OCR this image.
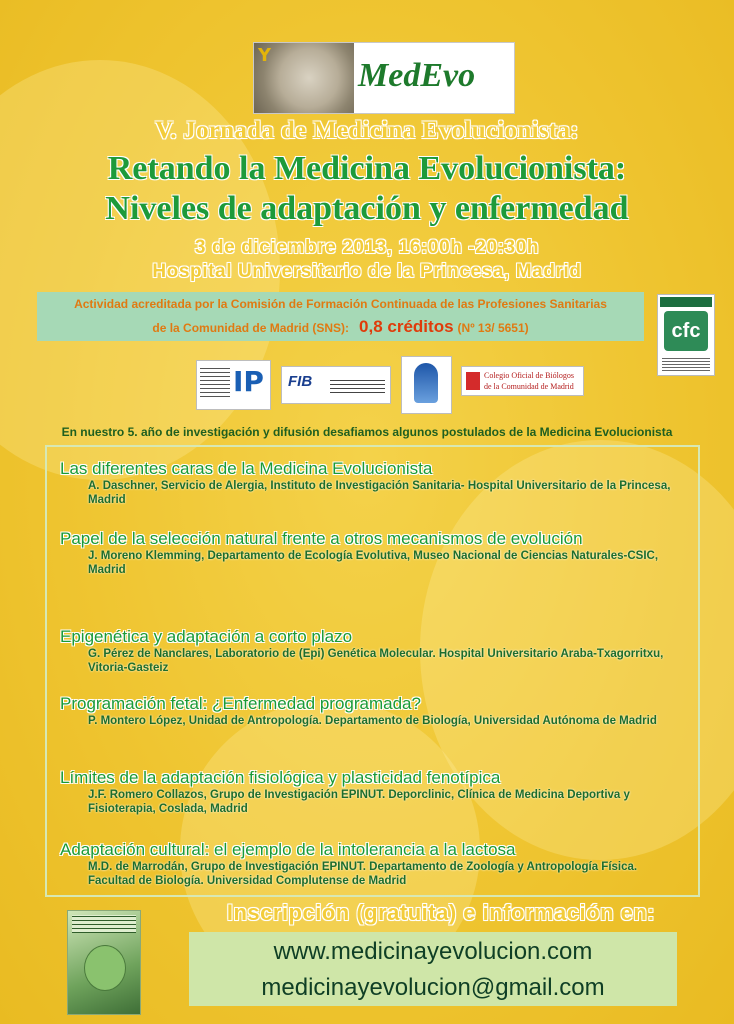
Y
MedEvo
V. Jornada de Medicina Evolucionista:
Retando la Medicina Evolucionista:
Niveles de adaptación y enfermedad
3 de diciembre 2013, 16:00h -20:30h
Hospital Universitario de la Princesa, Madrid
Actividad acreditada por la Comisión de Formación Continuada de las Profesiones Sanitarias
de la Comunidad de Madrid (SNS): 0,8 créditos (Nº 13/ 5651)	cfc
IP FIB	Colegio Oficial de Biólogos de la Comunidad de Madrid
En nuestro 5. año de investigación y difusión desafiamos algunos postulados de la Medicina Evolucionista
Las diferentes caras de la Medicina Evolucionista
A. Daschner, Servicio de Alergia, Instituto de Investigación Sanitaria- Hospital Universitario de la Princesa, Madrid
Papel de la selección natural frente a otros mecanismos de evolución
J. Moreno Klemming, Departamento de Ecología Evolutiva, Museo Nacional de Ciencias Naturales-CSIC, Madrid
Epigenética y adaptación a corto plazo
G. Pérez de Nanclares, Laboratorio de (Epi) Genética Molecular. Hospital Universitario Araba-Txagorritxu, Vitoria-Gasteiz
Programación fetal: ¿Enfermedad programada?
P. Montero López, Unidad de Antropología. Departamento de Biología, Universidad Autónoma de Madrid
Límites de la adaptación fisiológica y plasticidad fenotípica
J.F. Romero Collazos, Grupo de Investigación EPINUT. Deporclinic, Clínica de Medicina Deportiva y Fisioterapia, Coslada, Madrid
Adaptación cultural: el ejemplo de la intolerancia a la lactosa
M.D. de Marrodán, Grupo de Investigación EPINUT. Departamento de Zoología y Antropología Física. Facultad de Biología. Universidad Complutense de Madrid
Inscripción (gratuita) e información en:
www.medicinayevolucion.com
medicinayevolucion@gmail.com
